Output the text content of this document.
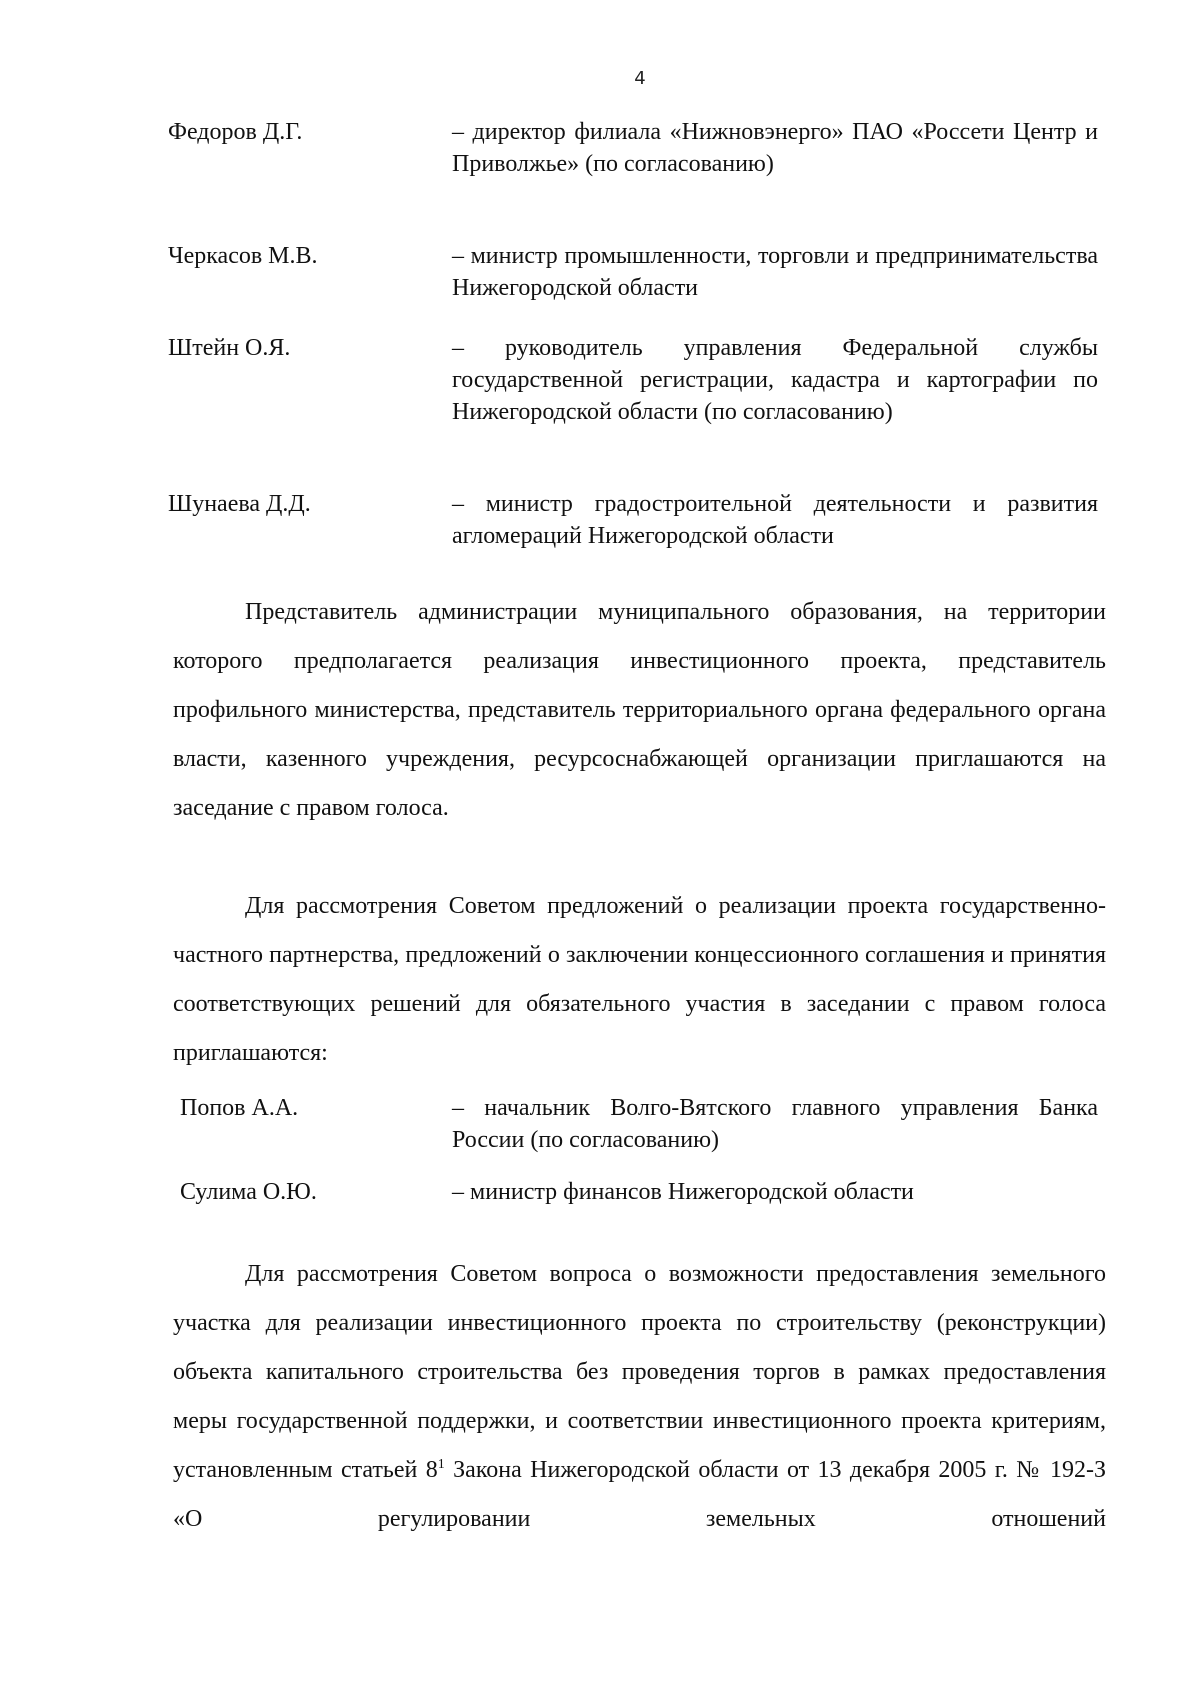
4
Федоров Д.Г.	– директор филиала «Нижновэнерго» ПАО «Россети Центр и Приволжье» (по согласованию)
Черкасов М.В.	– министр промышленности, торговли и предпринимательства Нижегородской области
Штейн О.Я.	– руководитель управления Федеральной службы государственной регистрации, кадастра и картографии по Нижегородской области (по согласованию)
Шунаева Д.Д.	– министр градостроительной деятельности и развития агломераций Нижегородской области

Представитель администрации муниципального образования, на территории которого предполагается реализация инвестиционного проекта, представитель профильного министерства, представитель территориального органа федерального органа власти, казенного учреждения, ресурсоснабжающей организации приглашаются на заседание с правом голоса.

Для рассмотрения Советом предложений о реализации проекта государственно-частного партнерства, предложений о заключении концессионного соглашения и принятия соответствующих решений для обязательного участия в заседании с правом голоса приглашаются:

Попов А.А.	– начальник Волго-Вятского главного управления Банка России (по согласованию)
Сулима О.Ю.	– министр финансов Нижегородской области

Для рассмотрения Советом вопроса о возможности предоставления земельного участка для реализации инвестиционного проекта по строительству (реконструкции) объекта капитального строительства без проведения торгов в рамках предоставления меры государственной поддержки, и соответствии инвестиционного проекта критериям, установленным статьей $8^1$ Закона Нижегородской области от 13 декабря 2005 г. № 192-З «О регулировании земельных отношений
